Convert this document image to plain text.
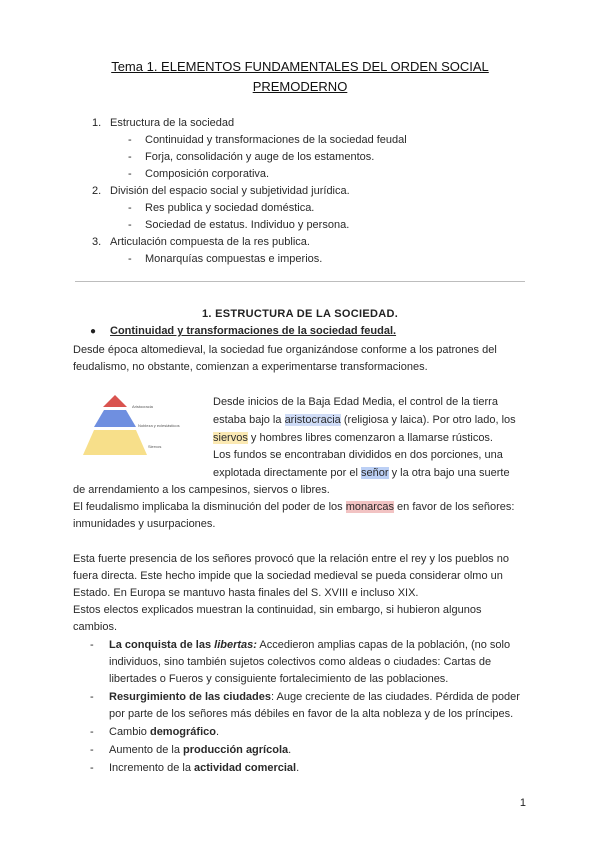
Tema 1. ELEMENTOS FUNDAMENTALES DEL ORDEN SOCIAL
PREMODERNO
1. Estructura de la sociedad
- Continuidad y transformaciones de la sociedad feudal
- Forja, consolidación y auge de los estamentos.
- Composición corporativa.
2. División del espacio social y subjetividad jurídica.
- Res publica y sociedad doméstica.
- Sociedad de estatus. Individuo y persona.
3. Articulación compuesta de la res publica.
- Monarquías compuestas e imperios.
1. ESTRUCTURA DE LA SOCIEDAD.
● Continuidad y transformaciones de la sociedad feudal.
Desde época altomedieval, la sociedad fue organizándose conforme a los patrones del
feudalismo, no obstante, comienzan a experimentarse transformaciones.
Aristocracia
Nobleza y eclesiásticos
Siervos
Desde inicios de la Baja Edad Media, el control de la tierra
estaba bajo la aristocracia (religiosa y laica). Por otro lado, los
siervos y hombres libres comenzaron a llamarse rústicos.
Los fundos se encontraban divididos en dos porciones, una
explotada directamente por el señor y la otra bajo una suerte
de arrendamiento a los campesinos, siervos o libres.
El feudalismo implicaba la disminución del poder de los monarcas en favor de los señores:
inmunidades y usurpaciones.
Esta fuerte presencia de los señores provocó que la relación entre el rey y los pueblos no
fuera directa. Este hecho impide que la sociedad medieval se pueda considerar olmo un
Estado. En Europa se mantuvo hasta finales del S. XVIII e incluso XIX.
Estos electos explicados muestran la continuidad, sin embargo, si hubieron algunos
cambios.
- La conquista de las libertas: Accedieron amplias capas de la población, (no solo
individuos, sino también sujetos colectivos como aldeas o ciudades: Cartas de
libertades o Fueros y consiguiente fortalecimiento de las poblaciones.
- Resurgimiento de las ciudades: Auge creciente de las ciudades. Pérdida de poder
por parte de los señores más débiles en favor de la alta nobleza y de los príncipes.
- Cambio demográfico.
- Aumento de la producción agrícola.
- Incremento de la actividad comercial.
1
